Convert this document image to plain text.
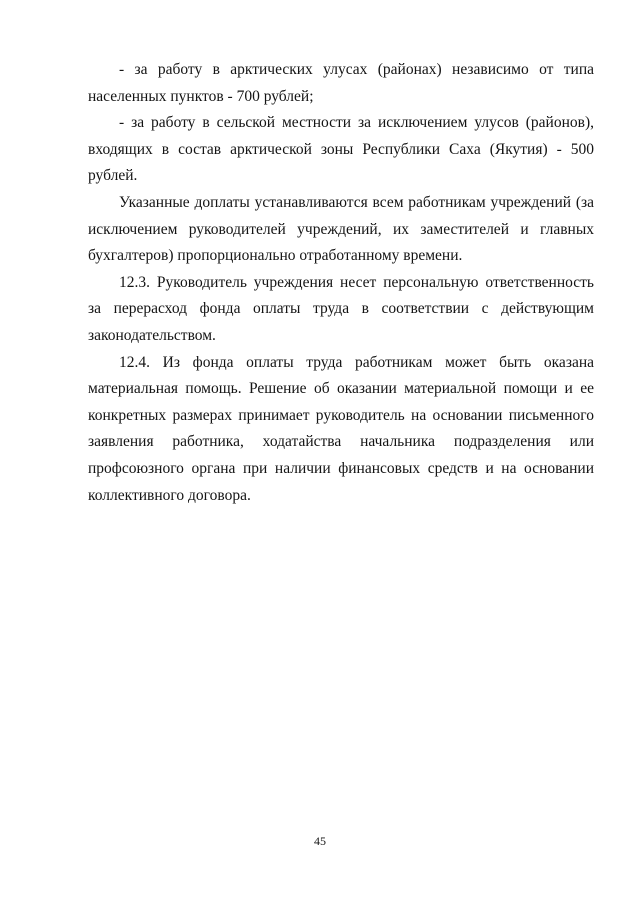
- за работу в арктических улусах (районах) независимо от типа населенных пунктов - 700 рублей;

- за работу в сельской местности за исключением улусов (районов), входящих в состав арктической зоны Республики Саха (Якутия) - 500 рублей.

Указанные доплаты устанавливаются всем работникам учреждений (за исключением руководителей учреждений, их заместителей и главных бухгалтеров) пропорционально отработанному времени.

12.3. Руководитель учреждения несет персональную ответственность за перерасход фонда оплаты труда в соответствии с действующим законодательством.

12.4. Из фонда оплаты труда работникам может быть оказана материальная помощь. Решение об оказании материальной помощи и ее конкретных размерах принимает руководитель на основании письменного заявления работника, ходатайства начальника подразделения или профсоюзного органа при наличии финансовых средств и на основании коллективного договора.

45
